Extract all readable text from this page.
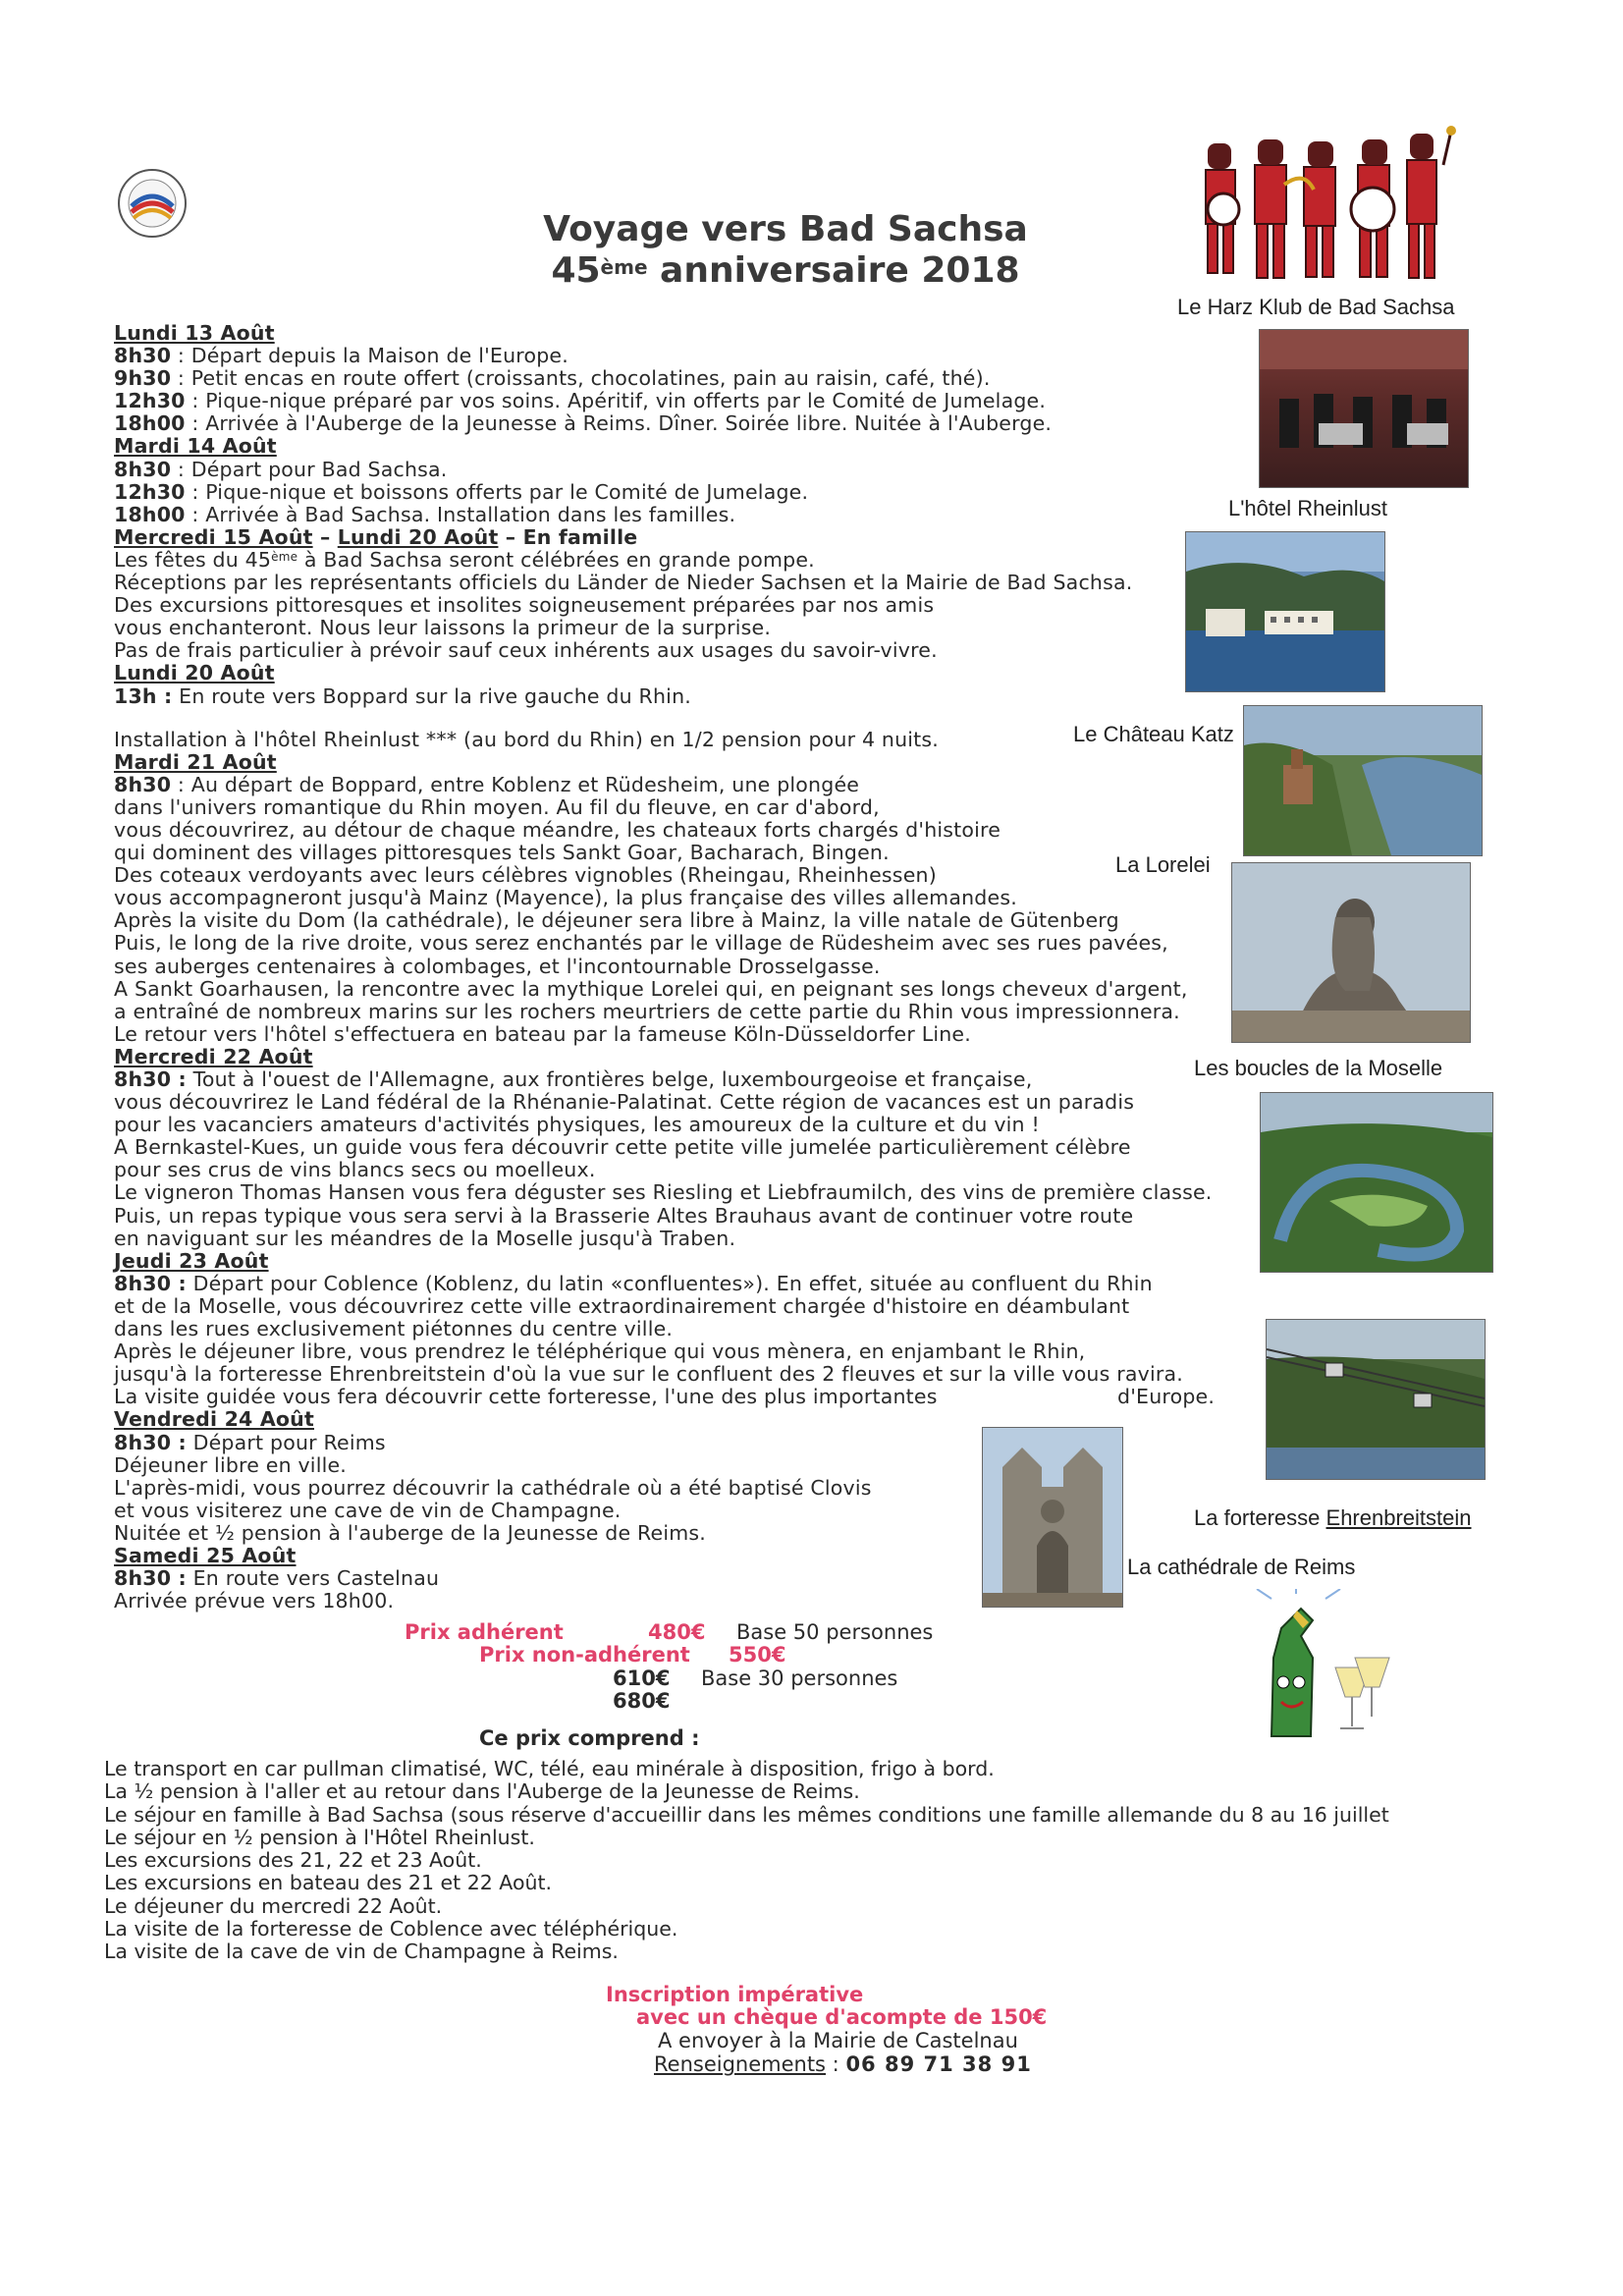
Voyage vers Bad Sachsa
45ème anniversaire 2018
Le Harz Klub de Bad Sachsa
L'hôtel Rheinlust
Le Château Katz
La Lorelei
Les boucles de la Moselle
La forteresse Ehrenbreitstein
La cathédrale de Reims
Lundi 13 Août
8h30 : Départ depuis la Maison de l'Europe.
9h30 : Petit encas en route offert (croissants, chocolatines, pain au raisin, café, thé).
12h30 : Pique-nique préparé par vos soins. Apéritif, vin offerts par le Comité de Jumelage.
18h00 : Arrivée à l'Auberge de la Jeunesse à Reims. Dîner. Soirée libre. Nuitée à l'Auberge.
Mardi 14 Août
8h30 : Départ pour Bad Sachsa.
12h30 : Pique-nique et boissons offerts par le Comité de Jumelage.
18h00 : Arrivée à Bad Sachsa. Installation dans les familles.
Mercredi 15 Août – Lundi 20 Août – En famille
Les fêtes du 45ème à Bad Sachsa seront célébrées en grande pompe.
Réceptions par les représentants officiels du Länder de Nieder Sachsen et la Mairie de Bad Sachsa.
Des excursions pittoresques et insolites soigneusement préparées par nos amis
vous enchanteront. Nous leur laissons la primeur de la surprise.
Pas de frais particulier à prévoir sauf ceux inhérents aux usages du savoir-vivre.
Lundi 20 Août
13h : En route vers Boppard sur la rive gauche du Rhin.
Installation à l'hôtel Rheinlust *** (au bord du Rhin) en 1/2 pension pour 4 nuits.
Mardi 21 Août
8h30 : Au départ de Boppard, entre Koblenz et Rüdesheim, une plongée
dans l'univers romantique du Rhin moyen. Au fil du fleuve, en car d'abord,
vous découvrirez, au détour de chaque méandre, les chateaux forts chargés d'histoire
qui dominent des villages pittoresques tels Sankt Goar, Bacharach, Bingen.
Des coteaux verdoyants avec leurs célèbres vignobles (Rheingau, Rheinhessen)
vous accompagneront jusqu'à Mainz (Mayence), la plus française des villes allemandes.
Après la visite du Dom (la cathédrale), le déjeuner sera libre à Mainz, la ville natale de Gütenberg
Puis, le long de la rive droite, vous serez enchantés par le village de Rüdesheim avec ses rues pavées,
ses auberges centenaires à colombages, et l'incontournable Drosselgasse.
A Sankt Goarhausen, la rencontre avec la mythique Lorelei qui, en peignant ses longs cheveux d'argent,
a entraîné de nombreux marins sur les rochers meurtriers de cette partie du Rhin vous impressionnera.
Le retour vers l'hôtel s'effectuera en bateau par la fameuse Köln-Düsseldorfer Line.
Mercredi 22 Août
8h30 : Tout à l'ouest de l'Allemagne, aux frontières belge, luxembourgeoise et française,
vous découvrirez le Land fédéral de la Rhénanie-Palatinat. Cette région de vacances est un paradis
pour les vacanciers amateurs d'activités physiques, les amoureux de la culture et du vin !
A Bernkastel-Kues, un guide vous fera découvrir cette petite ville jumelée particulièrement célèbre
pour ses crus de vins blancs secs ou moelleux.
Le vigneron Thomas Hansen vous fera déguster ses Riesling et Liebfraumilch, des vins de première classe.
Puis, un repas typique vous sera servi à la Brasserie Altes Brauhaus avant de continuer votre route
en naviguant sur les méandres de la Moselle jusqu'à Traben.
Jeudi 23 Août
8h30 : Départ pour Coblence (Koblenz, du latin «confluentes»). En effet, située au confluent du Rhin
et de la Moselle, vous découvrirez cette ville extraordinairement chargée d'histoire en déambulant
dans les rues exclusivement piétonnes du centre ville.
Après le déjeuner libre, vous prendrez le téléphérique qui vous mènera, en enjambant le Rhin,
jusqu'à la forteresse Ehrenbreitstein d'où la vue sur le confluent des 2 fleuves et sur la ville vous ravira.
La visite guidée vous fera découvrir cette forteresse, l'une des plus importantes	d'Europe.
Vendredi 24 Août
8h30 : Départ pour Reims
Déjeuner libre en ville.
L'après-midi, vous pourrez découvrir la cathédrale où a été baptisé Clovis
et vous visiterez une cave de vin de Champagne.
Nuitée et ½ pension à l'auberge de la Jeunesse de Reims.
Samedi 25 Août
8h30 : En route vers Castelnau
Arrivée prévue vers 18h00.
Prix adhérent	480€ Base 50 personnes
Prix non-adhérent 550€
610€ Base 30 personnes
680€
Ce prix comprend :
Le transport en car pullman climatisé, WC, télé, eau minérale à disposition, frigo à bord.
La ½ pension à l'aller et au retour dans l'Auberge de la Jeunesse de Reims.
Le séjour en famille à Bad Sachsa (sous réserve d'accueillir dans les mêmes conditions une famille allemande du 8 au 16 juillet
Le séjour en ½ pension à l'Hôtel Rheinlust.
Les excursions des 21, 22 et 23 Août.
Les excursions en bateau des 21 et 22 Août.
Le déjeuner du mercredi 22 Août.
La visite de la forteresse de Coblence avec téléphérique.
La visite de la cave de vin de Champagne à Reims.
Inscription impérative
avec un chèque d'acompte de 150€
A envoyer à la Mairie de Castelnau
Renseignements : 06 89 71 38 91
